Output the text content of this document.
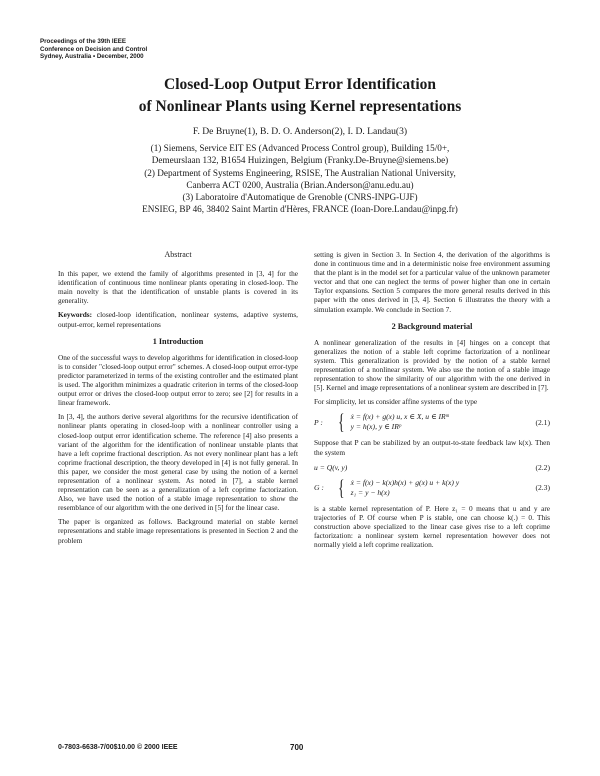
Proceedings of the 39th IEEE
Conference on Decision and Control
Sydney, Australia • December, 2000
Closed-Loop Output Error Identification
of Nonlinear Plants using Kernel representations
F. De Bruyne(1), B. D. O. Anderson(2), I. D. Landau(3)
(1) Siemens, Service EIT ES (Advanced Process Control group), Building 15/0+,
Demeurslaan 132, B1654 Huizingen, Belgium (Franky.De-Bruyne@siemens.be)
(2) Department of Systems Engineering, RSISE, The Australian National University,
Canberra ACT 0200, Australia (Brian.Anderson@anu.edu.au)
(3) Laboratoire d'Automatique de Grenoble (CNRS-INPG-UJF)
ENSIEG, BP 46, 38402 Saint Martin d'Hères, FRANCE (Ioan-Dore.Landau@inpg.fr)
Abstract

In this paper, we extend the family of algorithms presented in [3, 4] for the identification of continuous time nonlinear plants operating in closed-loop. The main novelty is that the identification of unstable plants is covered in its generality.

Keywords: closed-loop identification, nonlinear systems, adaptive systems, output-error, kernel representations

1 Introduction

One of the successful ways to develop algorithms for identification in closed-loop is to consider "closed-loop output error" schemes. A closed-loop output error-type predictor parameterized in terms of the existing controller and the estimated plant is used. The algorithm minimizes a quadratic criterion in terms of the closed-loop output error or drives the closed-loop output error to zero; see [2] for results in a linear framework.

In [3, 4], the authors derive several algorithms for the recursive identification of nonlinear plants operating in closed-loop with a nonlinear controller using a closed-loop output error identification scheme. The reference [4] also presents a variant of the algorithm for the identification of nonlinear unstable plants that have a left coprime fractional description. As not every nonlinear plant has a left coprime fractional description, the theory developed in [4] is not fully general. In this paper, we consider the most general case by using the notion of a kernel representation of a nonlinear system. As noted in [7], a stable kernel representation can be seen as a generalization of a left coprime factorization. Also, we have used the notion of a stable image representation to show the resemblance of our algorithm with the one derived in [5] for the linear case.

The paper is organized as follows. Background material on stable kernel representations and stable image representations is presented in Section 2 and the problem

setting is given in Section 3. In Section 4, the derivation of the algorithms is done in continuous time and in a deterministic noise free environment assuming that the plant is in the model set for a particular value of the unknown parameter vector and that one can neglect the terms of power higher than one in certain Taylor expansions. Section 5 compares the more general results derived in this paper with the ones derived in [3, 4]. Section 6 illustrates the theory with a simulation example. We conclude in Section 7.

2 Background material

A nonlinear generalization of the results in [4] hinges on a concept that generalizes the notion of a stable left coprime factorization of a nonlinear system. This generalization is provided by the notion of a stable kernel representation of a nonlinear system. We also use the notion of a stable image representation to show the similarity of our algorithm with the one derived in [5]. Kernel and image representations of a nonlinear system are described in [7].

For simplicity, let us consider affine systems of the type

P : { ẋ = f(x) + g(x) u, x ∈ X, u ∈ IRᵐ
y = h(x), y ∈ IRᵖ
(2.1)

Suppose that P can be stabilized by an output-to-state feedback law k(x). Then the system

u = Q(v, y)	(2.2)
G : { ẋ = f(x) − k(x)h(x) + g(x) u + k(x) y
z₁ = y − h(x)
(2.3)

is a stable kernel representation of P. Here z₁ = 0 means that u and y are trajectories of P. Of course when P is stable, one can choose k(.) = 0. This construction above specialized to the linear case gives rise to a left coprime factorization: a nonlinear system kernel representation however does not normally yield a left coprime realization.

0-7803-6638-7/00$10.00 © 2000 IEEE	700
